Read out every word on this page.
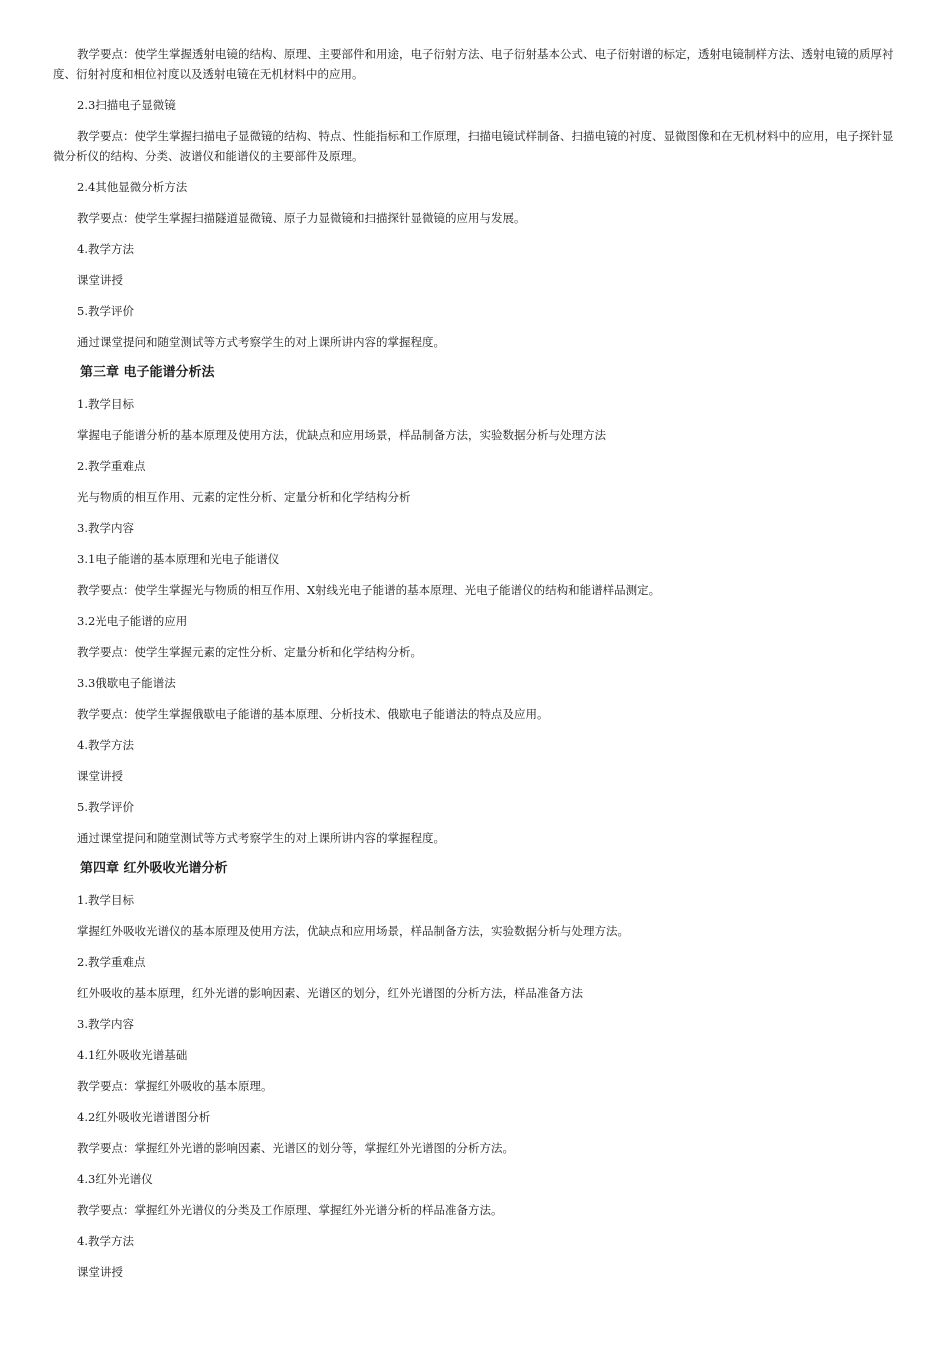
教学要点：使学生掌握透射电镜的结构、原理、主要部件和用途，电子衍射方法、电子衍射基本公式、电子衍射谱的标定，透射电镜制样方法、透射电镜的质厚衬度、衍射衬度和相位衬度以及透射电镜在无机材料中的应用。
2.3扫描电子显微镜
教学要点：使学生掌握扫描电子显微镜的结构、特点、性能指标和工作原理，扫描电镜试样制备、扫描电镜的衬度、显微图像和在无机材料中的应用，电子探针显微分析仪的结构、分类、波谱仪和能谱仪的主要部件及原理。
2.4其他显微分析方法
教学要点：使学生掌握扫描隧道显微镜、原子力显微镜和扫描探针显微镜的应用与发展。
4.教学方法
课堂讲授
5.教学评价
通过课堂提问和随堂测试等方式考察学生的对上课所讲内容的掌握程度。
第三章 电子能谱分析法
1.教学目标
掌握电子能谱分析的基本原理及使用方法，优缺点和应用场景，样品制备方法，实验数据分析与处理方法
2.教学重难点
光与物质的相互作用、元素的定性分析、定量分析和化学结构分析
3.教学内容
3.1电子能谱的基本原理和光电子能谱仪
教学要点：使学生掌握光与物质的相互作用、X射线光电子能谱的基本原理、光电子能谱仪的结构和能谱样品测定。
3.2光电子能谱的应用
教学要点：使学生掌握元素的定性分析、定量分析和化学结构分析。
3.3俄歇电子能谱法
教学要点：使学生掌握俄歇电子能谱的基本原理、分析技术、俄歇电子能谱法的特点及应用。
4.教学方法
课堂讲授
5.教学评价
通过课堂提问和随堂测试等方式考察学生的对上课所讲内容的掌握程度。
第四章 红外吸收光谱分析
1.教学目标
掌握红外吸收光谱仪的基本原理及使用方法，优缺点和应用场景，样品制备方法，实验数据分析与处理方法。
2.教学重难点
红外吸收的基本原理，红外光谱的影响因素、光谱区的划分，红外光谱图的分析方法，样品准备方法
3.教学内容
4.1红外吸收光谱基础
教学要点：掌握红外吸收的基本原理。
4.2红外吸收光谱谱图分析
教学要点：掌握红外光谱的影响因素、光谱区的划分等，掌握红外光谱图的分析方法。
4.3红外光谱仪
教学要点：掌握红外光谱仪的分类及工作原理、掌握红外光谱分析的样品准备方法。
4.教学方法
课堂讲授
